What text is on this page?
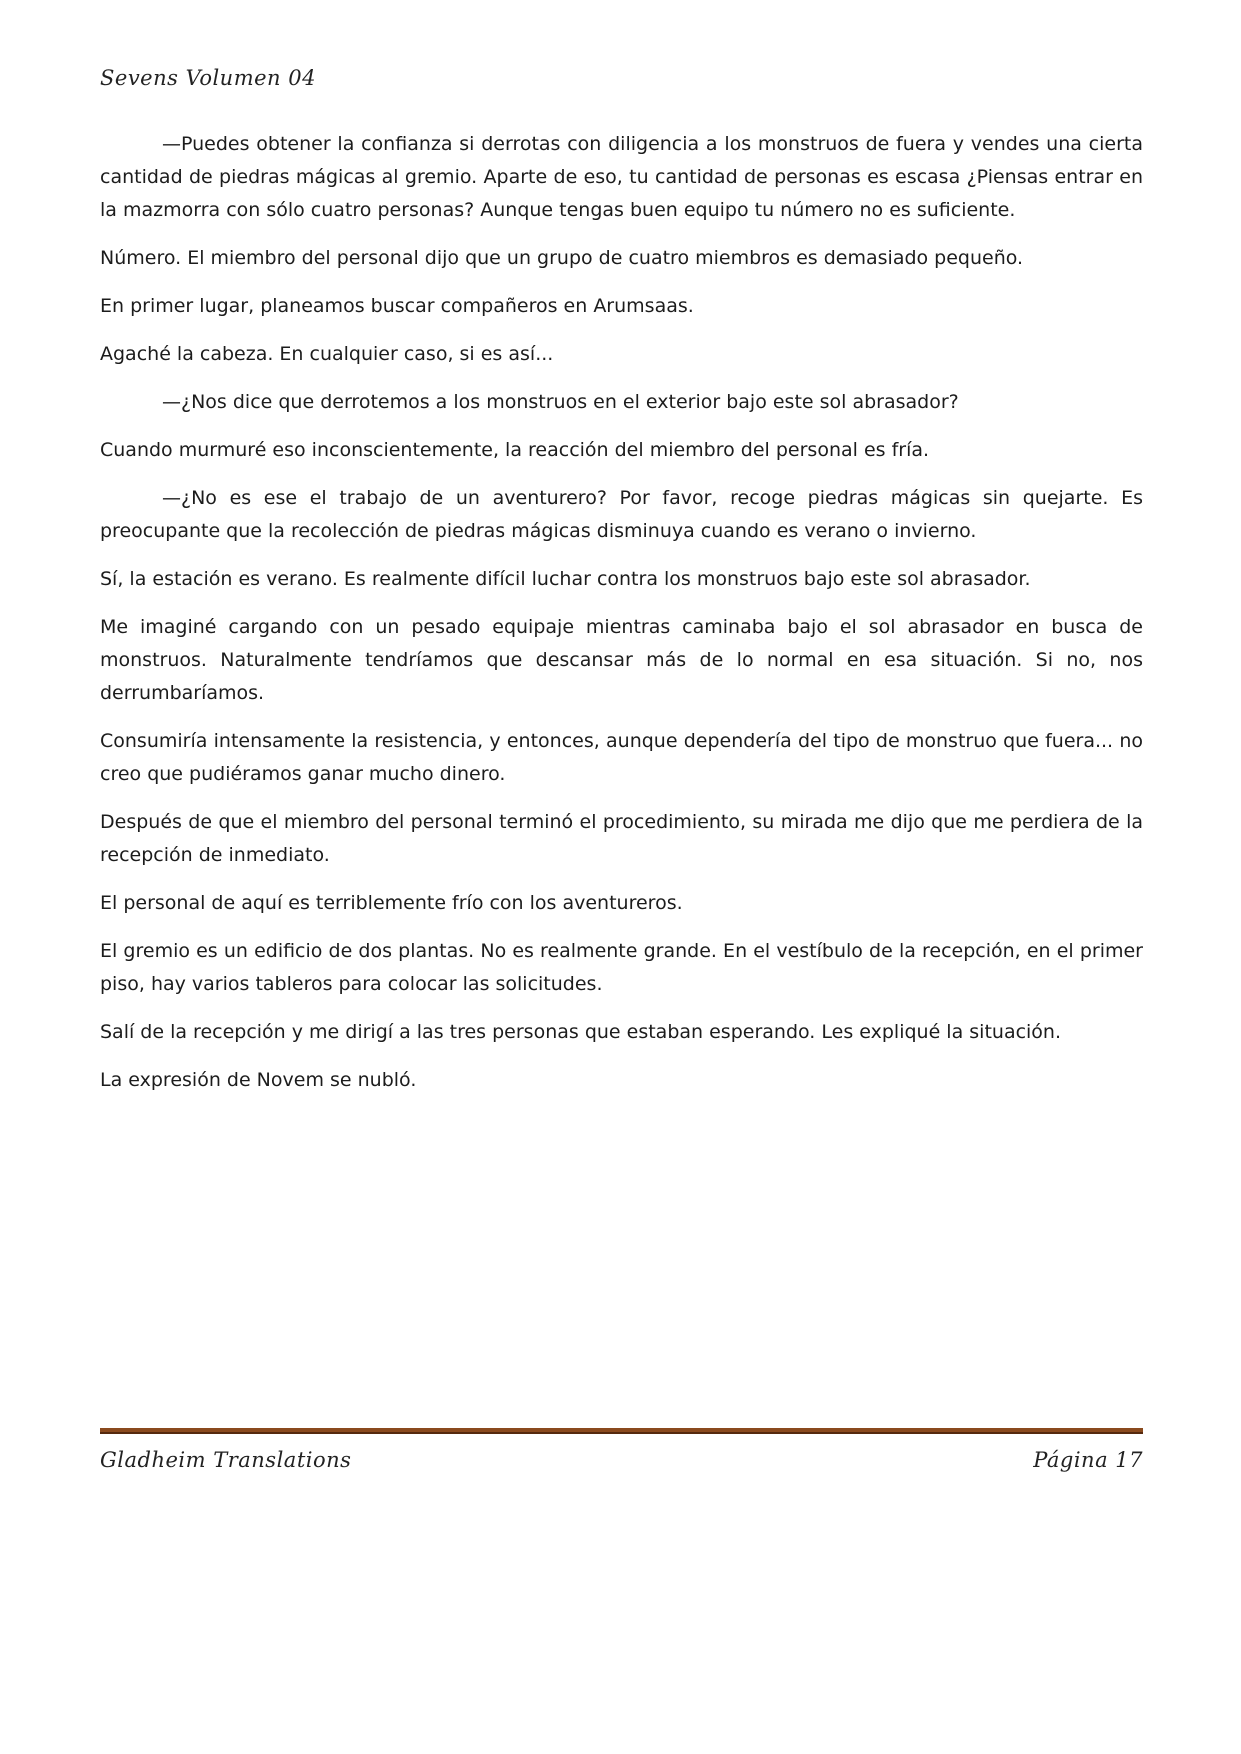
Sevens Volumen 04

—Puedes obtener la confianza si derrotas con diligencia a los monstruos de fuera y vendes una cierta cantidad de piedras mágicas al gremio. Aparte de eso, tu cantidad de personas es escasa ¿Piensas entrar en la mazmorra con sólo cuatro personas? Aunque tengas buen equipo tu número no es suficiente.

Número. El miembro del personal dijo que un grupo de cuatro miembros es demasiado pequeño.

En primer lugar, planeamos buscar compañeros en Arumsaas.

Agaché la cabeza. En cualquier caso, si es así...

—¿Nos dice que derrotemos a los monstruos en el exterior bajo este sol abrasador?

Cuando murmuré eso inconscientemente, la reacción del miembro del personal es fría.

—¿No es ese el trabajo de un aventurero? Por favor, recoge piedras mágicas sin quejarte. Es preocupante que la recolección de piedras mágicas disminuya cuando es verano o invierno.

Sí, la estación es verano. Es realmente difícil luchar contra los monstruos bajo este sol abrasador.

Me imaginé cargando con un pesado equipaje mientras caminaba bajo el sol abrasador en busca de monstruos. Naturalmente tendríamos que descansar más de lo normal en esa situación. Si no, nos derrumbaríamos.

Consumiría intensamente la resistencia, y entonces, aunque dependería del tipo de monstruo que fuera... no creo que pudiéramos ganar mucho dinero.

Después de que el miembro del personal terminó el procedimiento, su mirada me dijo que me perdiera de la recepción de inmediato.

El personal de aquí es terriblemente frío con los aventureros.

El gremio es un edificio de dos plantas. No es realmente grande. En el vestíbulo de la recepción, en el primer piso, hay varios tableros para colocar las solicitudes.

Salí de la recepción y me dirigí a las tres personas que estaban esperando. Les expliqué la situación.

La expresión de Novem se nubló.

Gladheim Translations	Página 17
